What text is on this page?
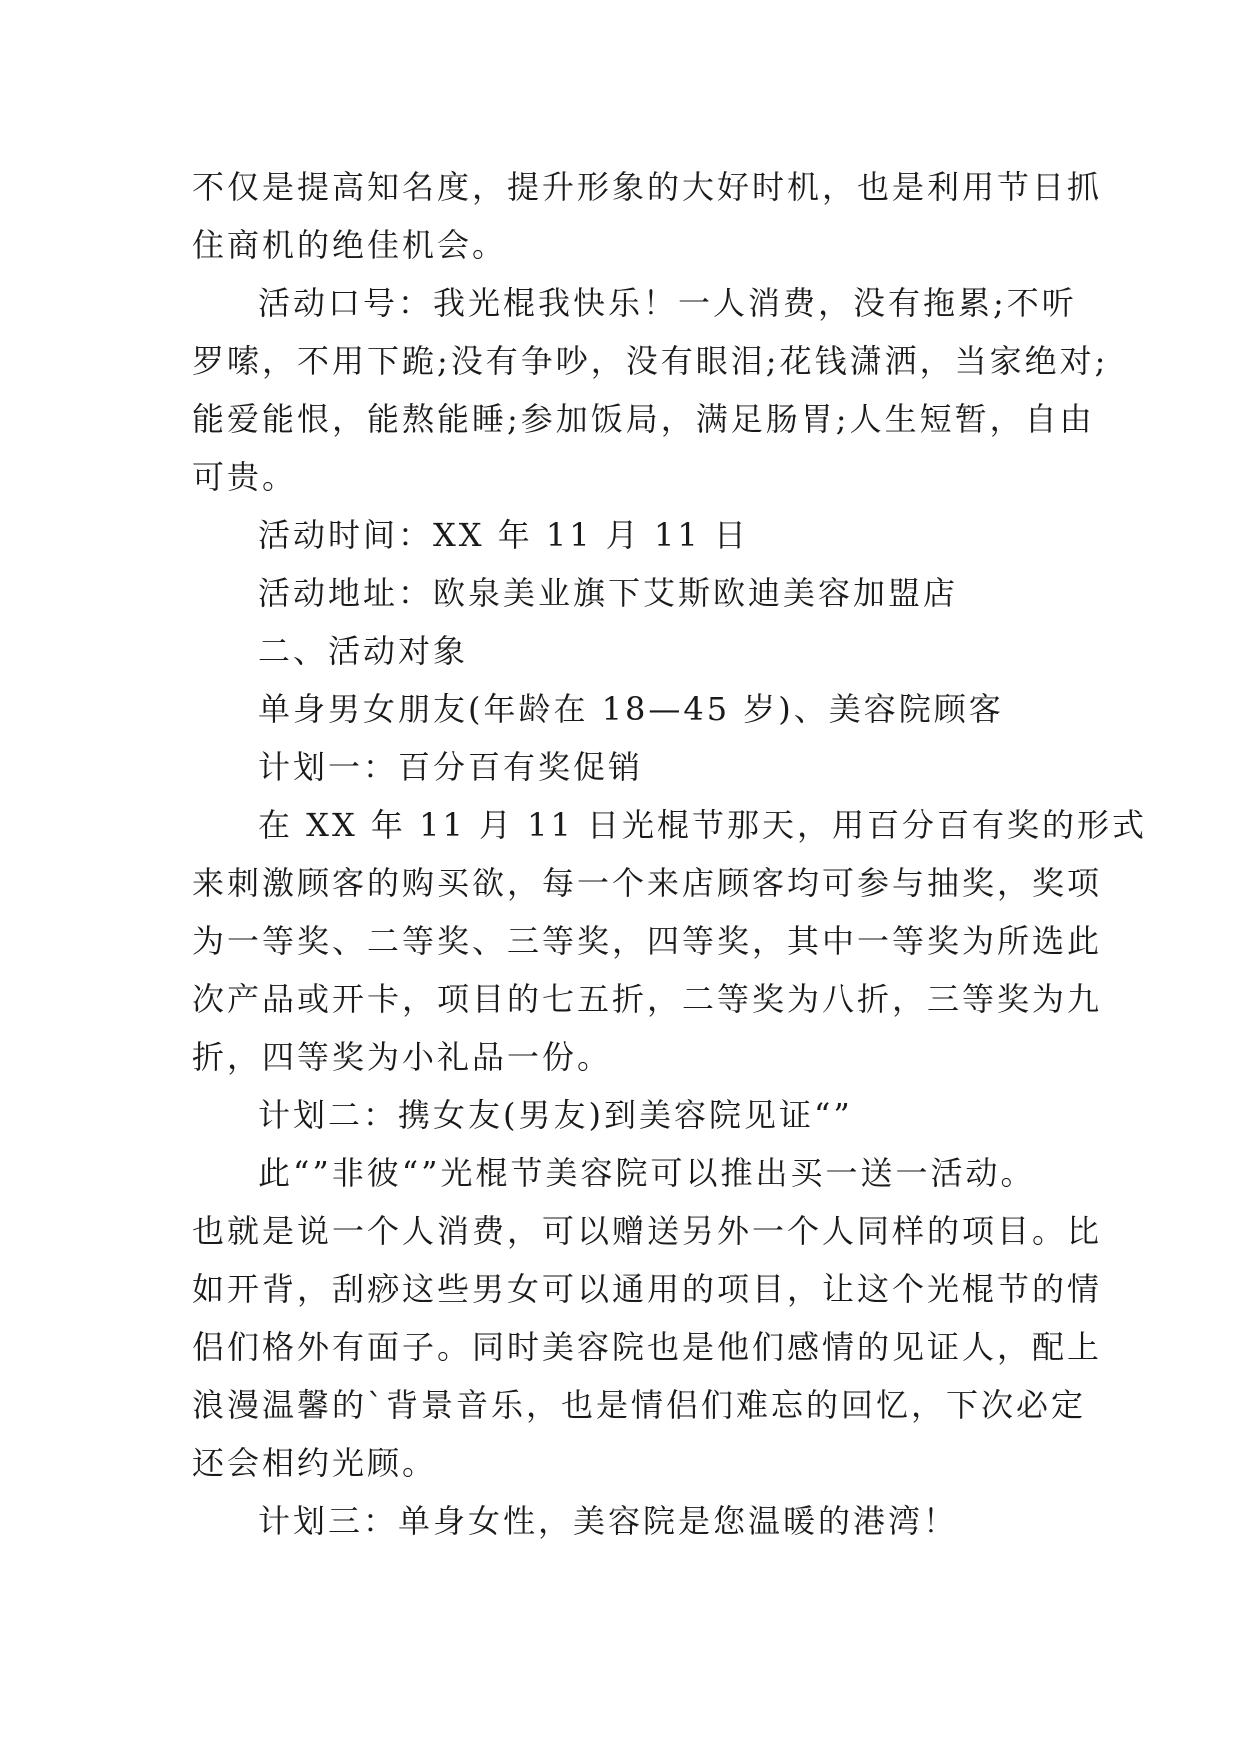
不仅是提高知名度，提升形象的大好时机，也是利用节日抓
住商机的绝佳机会。
活动口号：我光棍我快乐！一人消费，没有拖累;不听
罗嗦，不用下跪;没有争吵，没有眼泪;花钱潇洒，当家绝对;
能爱能恨，能熬能睡;参加饭局，满足肠胃;人生短暂，自由
可贵。
活动时间：XX 年 11 月 11 日
活动地址：欧泉美业旗下艾斯欧迪美容加盟店
二、活动对象
单身男女朋友(年龄在 18—45 岁)、美容院顾客
计划一：百分百有奖促销
在 XX 年 11 月 11 日光棍节那天，用百分百有奖的形式
来刺激顾客的购买欲，每一个来店顾客均可参与抽奖，奖项
为一等奖、二等奖、三等奖，四等奖，其中一等奖为所选此
次产品或开卡，项目的七五折，二等奖为八折，三等奖为九
折，四等奖为小礼品一份。
计划二：携女友(男友)到美容院见证“”
此“”非彼“”光棍节美容院可以推出买一送一活动。
也就是说一个人消费，可以赠送另外一个人同样的项目。比
如开背，刮痧这些男女可以通用的项目，让这个光棍节的情
侣们格外有面子。同时美容院也是他们感情的见证人，配上
浪漫温馨的`背景音乐，也是情侣们难忘的回忆，下次必定
还会相约光顾。
计划三：单身女性，美容院是您温暖的港湾！
